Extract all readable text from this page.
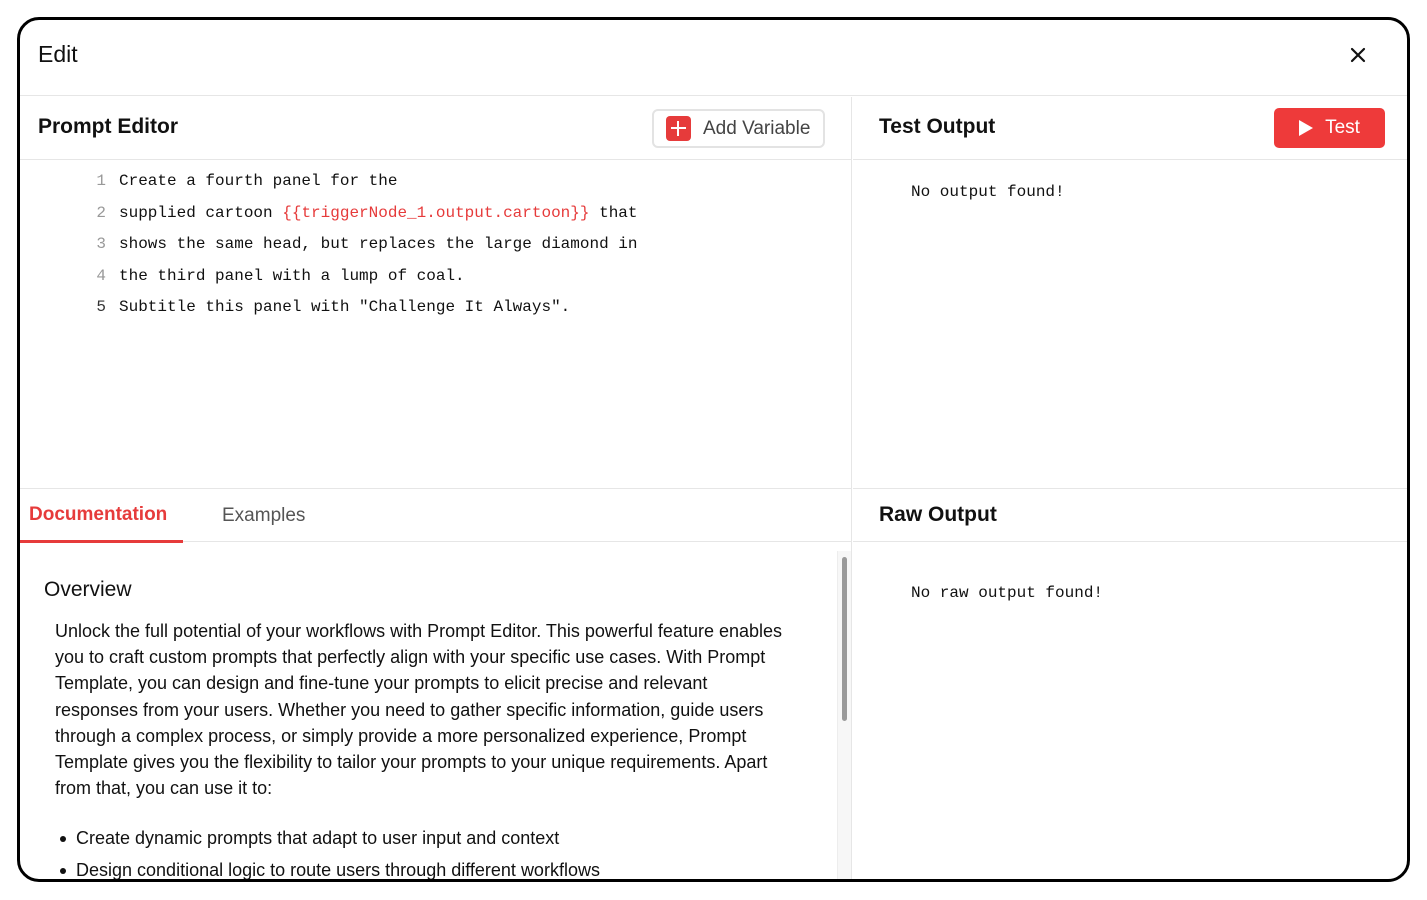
Edit
Prompt Editor	Add Variable
1 Create a fourth panel for the
2 supplied cartoon {{triggerNode_1.output.cartoon}} that
3 shows the same head, but replaces the large diamond in
4 the third panel with a lump of coal.
5 Subtitle this panel with "Challenge It Always".
Documentation	Examples
Overview
Unlock the full potential of your workflows with Prompt Editor. This powerful feature enables you to craft custom prompts that perfectly align with your specific use cases. With Prompt Template, you can design and fine-tune your prompts to elicit precise and relevant responses from your users. Whether you need to gather specific information, guide users through a complex process, or simply provide a more personalized experience, Prompt Template gives you the flexibility to tailor your prompts to your unique requirements. Apart from that, you can use it to:
Create dynamic prompts that adapt to user input and context
Design conditional logic to route users through different workflows
Test Output	Test
No output found!
Raw Output
No raw output found!
